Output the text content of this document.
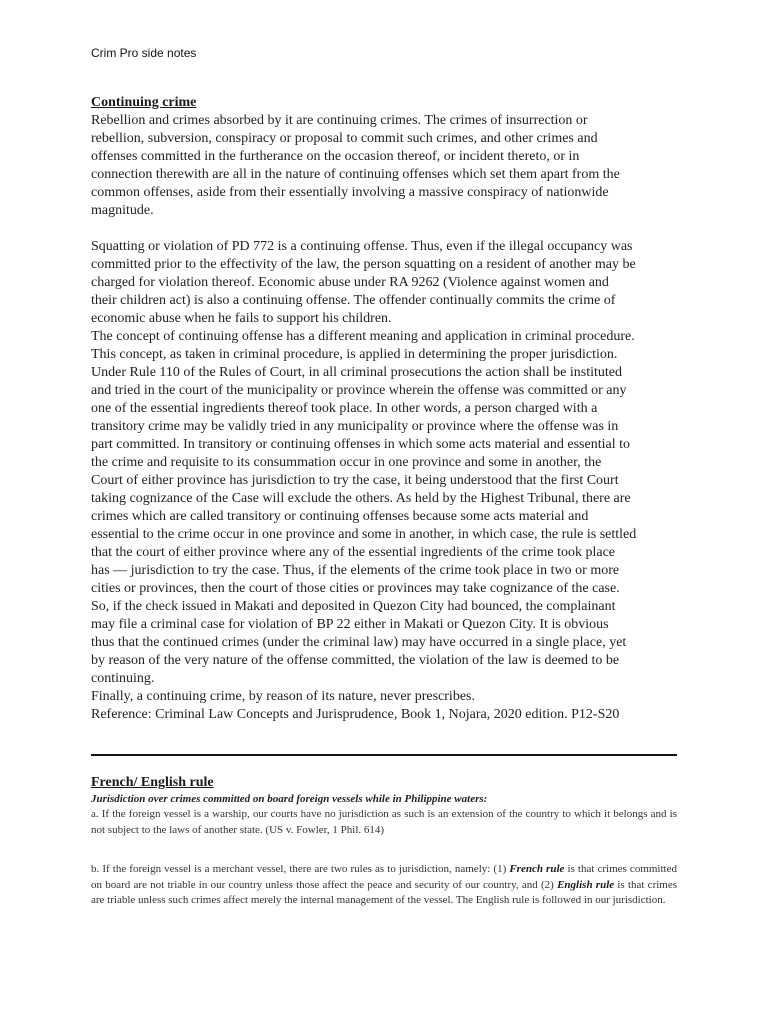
Crim Pro side notes

Continuing crime

Rebellion and crimes absorbed by it are continuing crimes. The crimes of insurrection or
rebellion, subversion, conspiracy or proposal to commit such crimes, and other crimes and
offenses committed in the furtherance on the occasion thereof, or incident thereto, or in
connection therewith are all in the nature of continuing offenses which set them apart from the
common offenses, aside from their essentially involving a massive conspiracy of nationwide
magnitude.

Squatting or violation of PD 772 is a continuing offense. Thus, even if the illegal occupancy was
committed prior to the effectivity of the law, the person squatting on a resident of another may be
charged for violation thereof. Economic abuse under RA 9262 (Violence against women and
their children act) is also a continuing offense. The offender continually commits the crime of
economic abuse when he fails to support his children.

The concept of continuing offense has a different meaning and application in criminal procedure.
This concept, as taken in criminal procedure, is applied in determining the proper jurisdiction.
Under Rule 110 of the Rules of Court, in all criminal prosecutions the action shall be instituted
and tried in the court of the municipality or province wherein the offense was committed or any
one of the essential ingredients thereof took place. In other words, a person charged with a
transitory crime may be validly tried in any municipality or province where the offense was in
part committed. In transitory or continuing offenses in which some acts material and essential to
the crime and requisite to its consummation occur in one province and some in another, the
Court of either province has jurisdiction to try the case, it being understood that the first Court
taking cognizance of the Case will exclude the others. As held by the Highest Tribunal, there are
crimes which are called transitory or continuing offenses because some acts material and
essential to the crime occur in one province and some in another, in which case, the rule is settled
that the court of either province where any of the essential ingredients of the crime took place
has — jurisdiction to try the case. Thus, if the elements of the crime took place in two or more
cities or provinces, then the court of those cities or provinces may take cognizance of the case.
So, if the check issued in Makati and deposited in Quezon City had bounced, the complainant
may file a criminal case for violation of BP 22 either in Makati or Quezon City. It is obvious
thus that the continued crimes (under the criminal law) may have occurred in a single place, yet
by reason of the very nature of the offense committed, the violation of the law is deemed to be
continuing.

Finally, a continuing crime, by reason of its nature, never prescribes.

Reference: Criminal Law Concepts and Jurisprudence, Book 1, Nojara, 2020 edition. P12-S20

French/ English rule

Jurisdiction over crimes committed on board foreign vessels while in Philippine waters:

a. If the foreign vessel is a warship, our courts have no jurisdiction as such is an extension of the country to which it belongs and is not subject to the laws of another state. (US v. Fowler, 1 Phil. 614)

b. If the foreign vessel is a merchant vessel, there are two rules as to jurisdiction, namely: (1) French rule is that crimes committed on board are not triable in our country unless those affect the peace and security of our country, and (2) English rule is that crimes are triable unless such crimes affect merely the internal management of the vessel. The English rule is followed in our jurisdiction.
